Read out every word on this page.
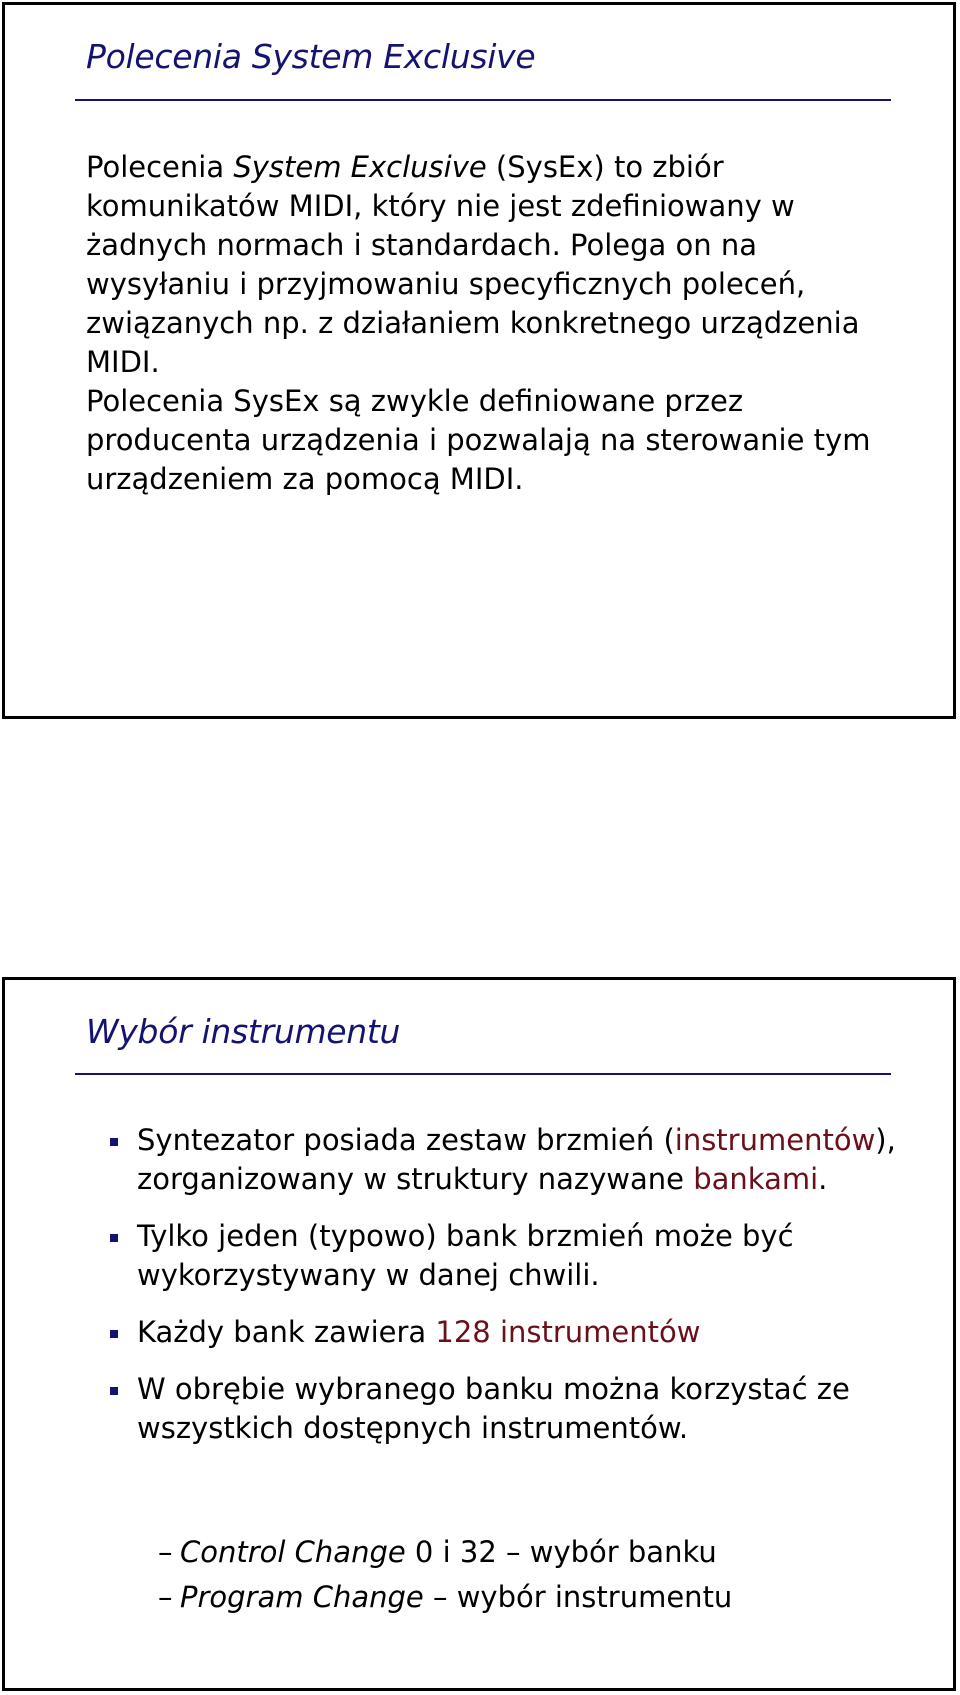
Polecenia System Exclusive

Polecenia System Exclusive (SysEx) to zbiór komunikatów MIDI, który nie jest zdefiniowany w żadnych normach i standardach. Polega on na wysyłaniu i przyjmowaniu specyficznych poleceń, związanych np. z działaniem konkretnego urządzenia MIDI.

Polecenia SysEx są zwykle definiowane przez producenta urządzenia i pozwalają na sterowanie tym urządzeniem za pomocą MIDI.

Wybór instrumentu
Syntezator posiada zestaw brzmień (instrumentów), zorganizowany w struktury nazywane bankami.
Tylko jeden (typowo) bank brzmień może być wykorzystywany w danej chwili.
Każdy bank zawiera 128 instrumentów
W obrębie wybranego banku można korzystać ze wszystkich dostępnych instrumentów.
– Control Change 0 i 32 – wybór banku
– Program Change – wybór instrumentu
